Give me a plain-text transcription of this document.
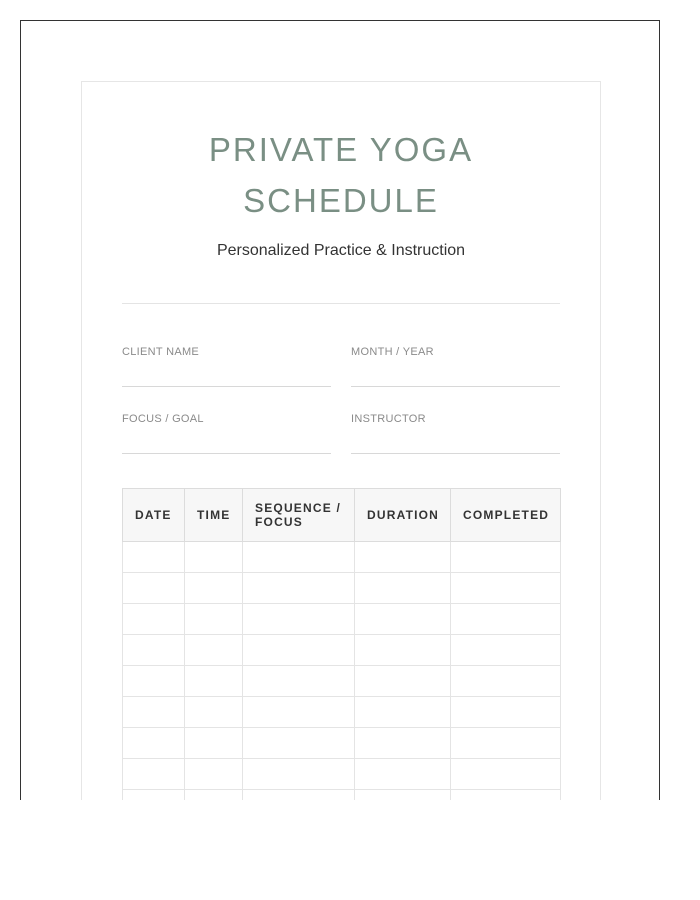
PRIVATE YOGA
SCHEDULE

Personalized Practice & Instruction

CLIENT NAME	MONTH / YEAR
FOCUS / GOAL	INSTRUCTOR
DATE	TIME	SEQUENCE / FOCUS	DURATION	COMPLETED
